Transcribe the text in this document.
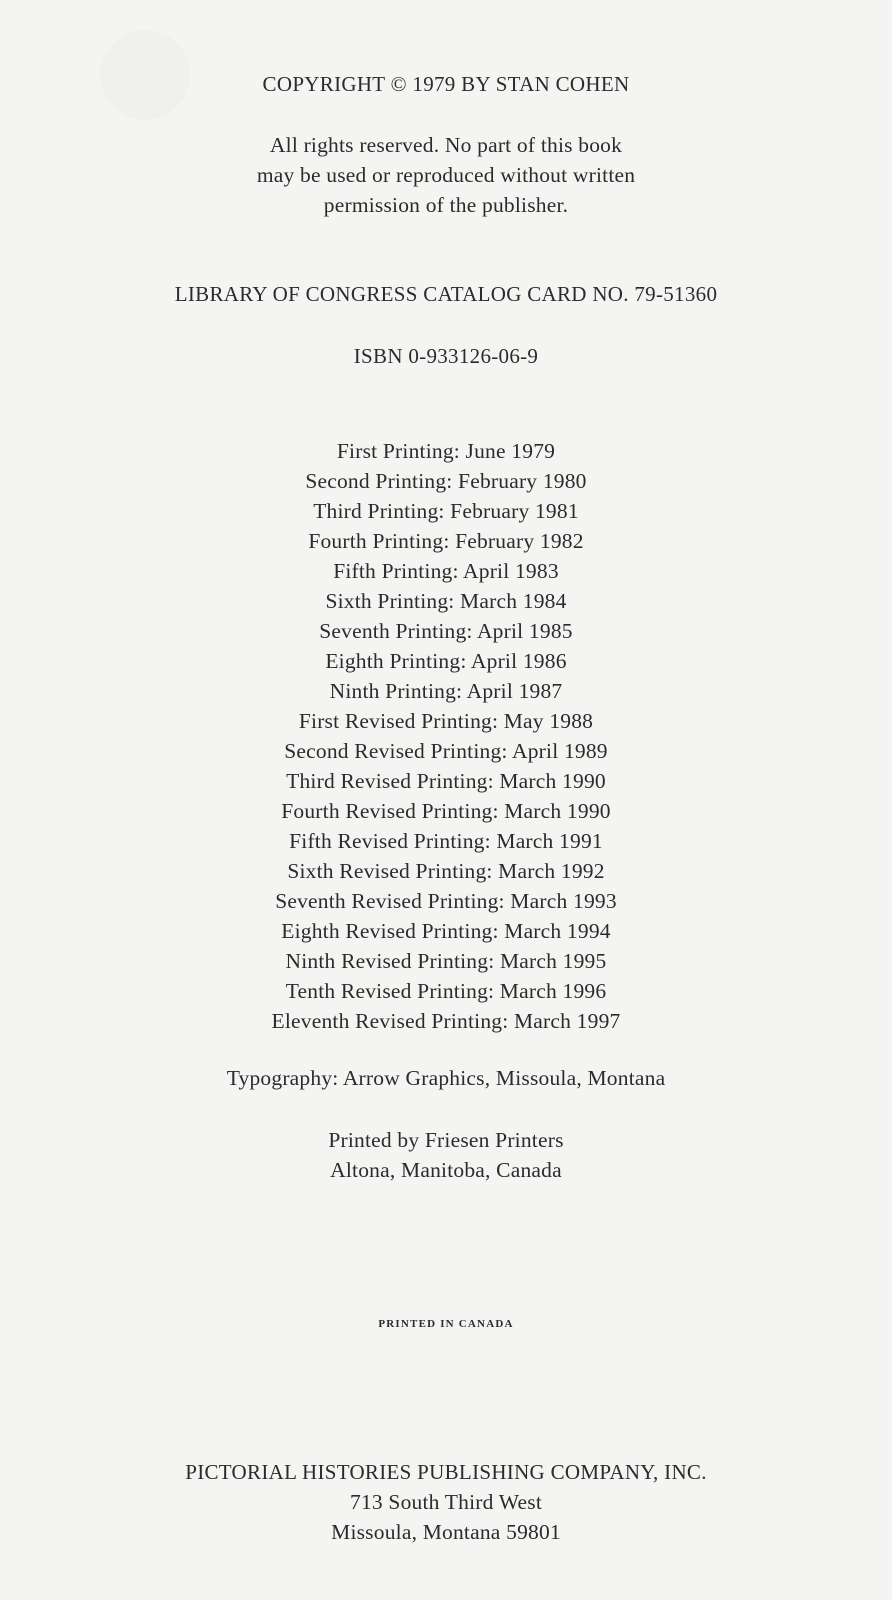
COPYRIGHT © 1979 BY STAN COHEN
All rights reserved. No part of this book
may be used or reproduced without written
permission of the publisher.
LIBRARY OF CONGRESS CATALOG CARD NO. 79-51360
ISBN 0-933126-06-9
First Printing: June 1979
Second Printing: February 1980
Third Printing: February 1981
Fourth Printing: February 1982
Fifth Printing: April 1983
Sixth Printing: March 1984
Seventh Printing: April 1985
Eighth Printing: April 1986
Ninth Printing: April 1987
First Revised Printing: May 1988
Second Revised Printing: April 1989
Third Revised Printing: March 1990
Fourth Revised Printing: March 1990
Fifth Revised Printing: March 1991
Sixth Revised Printing: March 1992
Seventh Revised Printing: March 1993
Eighth Revised Printing: March 1994
Ninth Revised Printing: March 1995
Tenth Revised Printing: March 1996
Eleventh Revised Printing: March 1997
Typography: Arrow Graphics, Missoula, Montana
Printed by Friesen Printers
Altona, Manitoba, Canada
PRINTED IN CANADA
PICTORIAL HISTORIES PUBLISHING COMPANY, INC.
713 South Third West
Missoula, Montana 59801
